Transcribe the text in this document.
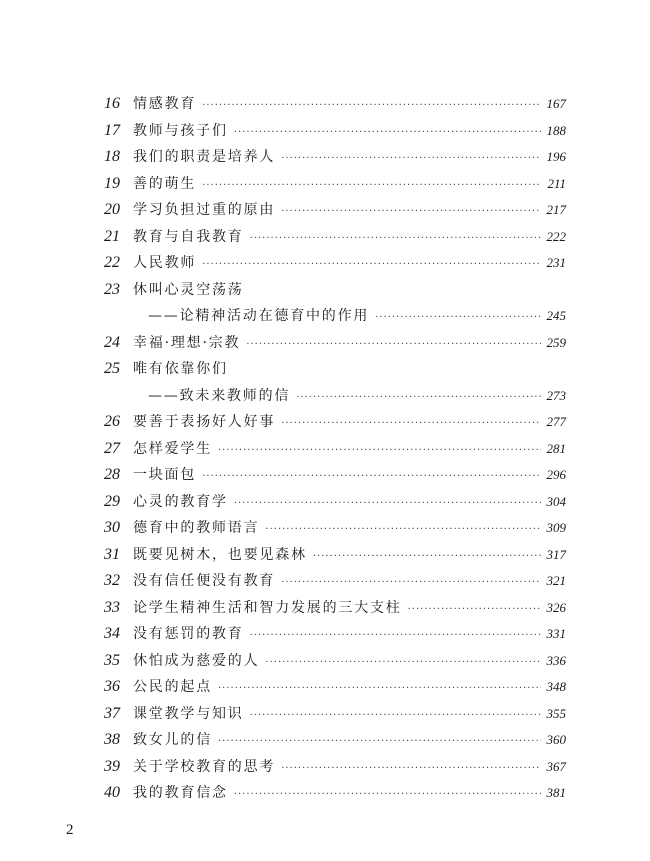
16 情感教育 ·····	167
17 教师与孩子们 ·····	188
18 我们的职责是培养人 ·····	196
19 善的萌生 ·····	211
20 学习负担过重的原由 ·····	217
21 教育与自我教育 ·····	222
22 人民教师 ·····	231
23 休叫心灵空荡荡
——论精神活动在德育中的作用 ·····	245
24 幸福·理想·宗教 ·····	259
25 唯有依靠你们
——致未来教师的信 ·····	273
26 要善于表扬好人好事 ·····	277
27 怎样爱学生 ·····	281
28 一块面包 ·····	296
29 心灵的教育学 ·····	304
30 德育中的教师语言 ·····	309
31 既要见树木，也要见森林 ·····	317
32 没有信任便没有教育 ·····	321
33 论学生精神生活和智力发展的三大支柱 ·····	326
34 没有惩罚的教育 ·····	331
35 休怕成为慈爱的人 ·····	336
36 公民的起点 ·····	348
37 课堂教学与知识 ·····	355
38 致女儿的信 ·····	360
39 关于学校教育的思考 ·····	367
40 我的教育信念 ·····	381
2
